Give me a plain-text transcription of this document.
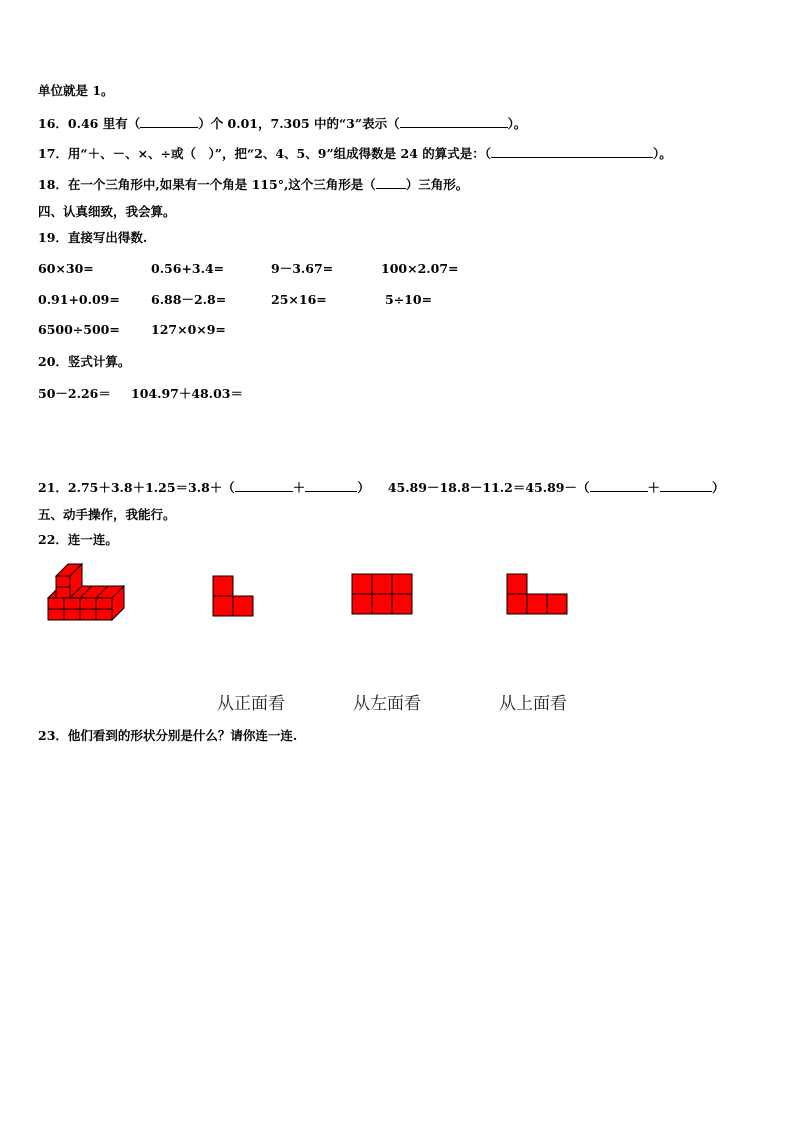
单位就是 1。
16．0.46 里有（	）个 0.01，7.305 中的“3”表示（	）。
17．用“＋、－、×、÷或（　）”，把“2、4、5、9”组成得数是 24 的算式是：（	）。
18．在一个三角形中,如果有一个角是 115°,这个三角形是（ ）三角形。
四、认真细致，我会算。
19．直接写出得数.
60×30=	0.56+3.4=	9－3.67=	100×2.07=
0.91+0.09= 6.88－2.8=	25×16=	5÷10=
6500÷500= 127×0×9=
20．竖式计算。
50－2.26＝ 104.97＋48.03＝
21．2.75＋3.8＋1.25＝3.8＋（	＋	） 45.89－18.8－11.2＝45.89－（	＋	）
五、动手操作，我能行。
22．连一连。
从正面看	从左面看	从上面看
23．他们看到的形状分别是什么？请你连一连.
